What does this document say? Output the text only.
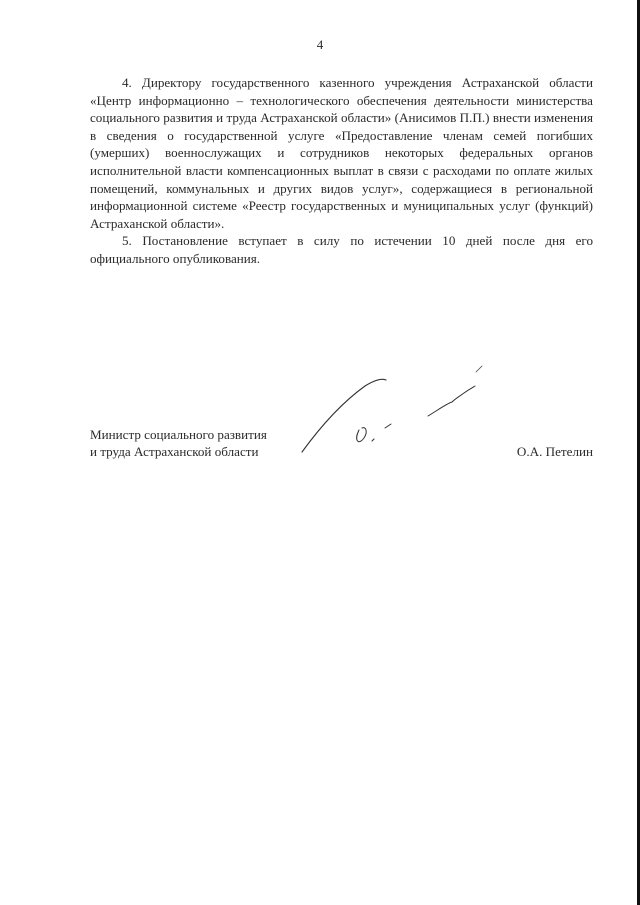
4

4. Директору государственного казенного учреждения Астраханской области «Центр информационно – технологического обеспечения деятельности министерства социального развития и труда Астраханской области» (Анисимов П.П.) внести изменения в сведения о государственной услуге «Предоставление членам семей погибших (умерших) военнослужащих и сотрудников некоторых федеральных органов исполнительной власти компенсационных выплат в связи с расходами по оплате жилых помещений, коммунальных и других видов услуг», содержащиеся в региональной информационной системе «Реестр государственных и муниципальных услуг (функций) Астраханской области».

5. Постановление вступает в силу по истечении 10 дней после дня его официального опубликования.

Министр социального развития
и труда Астраханской области	О.А. Петелин
